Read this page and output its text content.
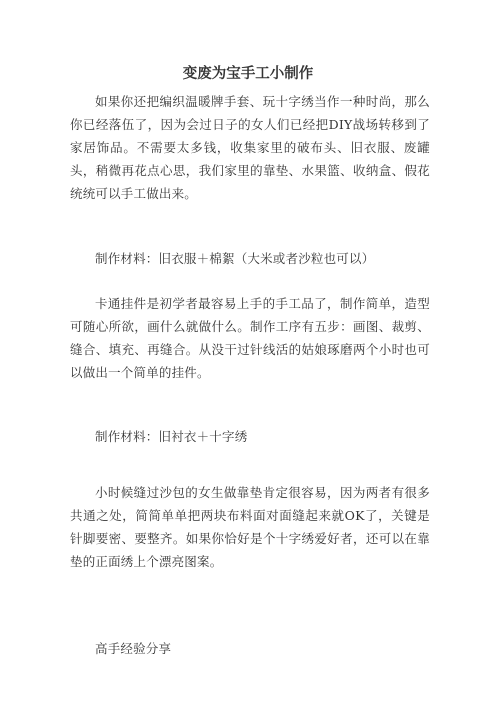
变废为宝手工小制作

如果你还把编织温暖牌手套、玩十字绣当作一种时尚，那么你已经落伍了，因为会过日子的女人们已经把DIY战场转移到了家居饰品。不需要太多钱，收集家里的破布头、旧衣服、废罐头，稍微再花点心思，我们家里的靠垫、水果篮、收纳盒、假花统统可以手工做出来。

制作材料：旧衣服＋棉絮（大米或者沙粒也可以）

卡通挂件是初学者最容易上手的手工品了，制作简单，造型可随心所欲，画什么就做什么。制作工序有五步：画图、裁剪、缝合、填充、再缝合。从没干过针线活的姑娘琢磨两个小时也可以做出一个简单的挂件。

制作材料：旧衬衣＋十字绣

小时候缝过沙包的女生做靠垫肯定很容易，因为两者有很多共通之处，简简单单把两块布料面对面缝起来就OK了，关键是针脚要密、要整齐。如果你恰好是个十字绣爱好者，还可以在靠垫的正面绣上个漂亮图案。

高手经验分享
